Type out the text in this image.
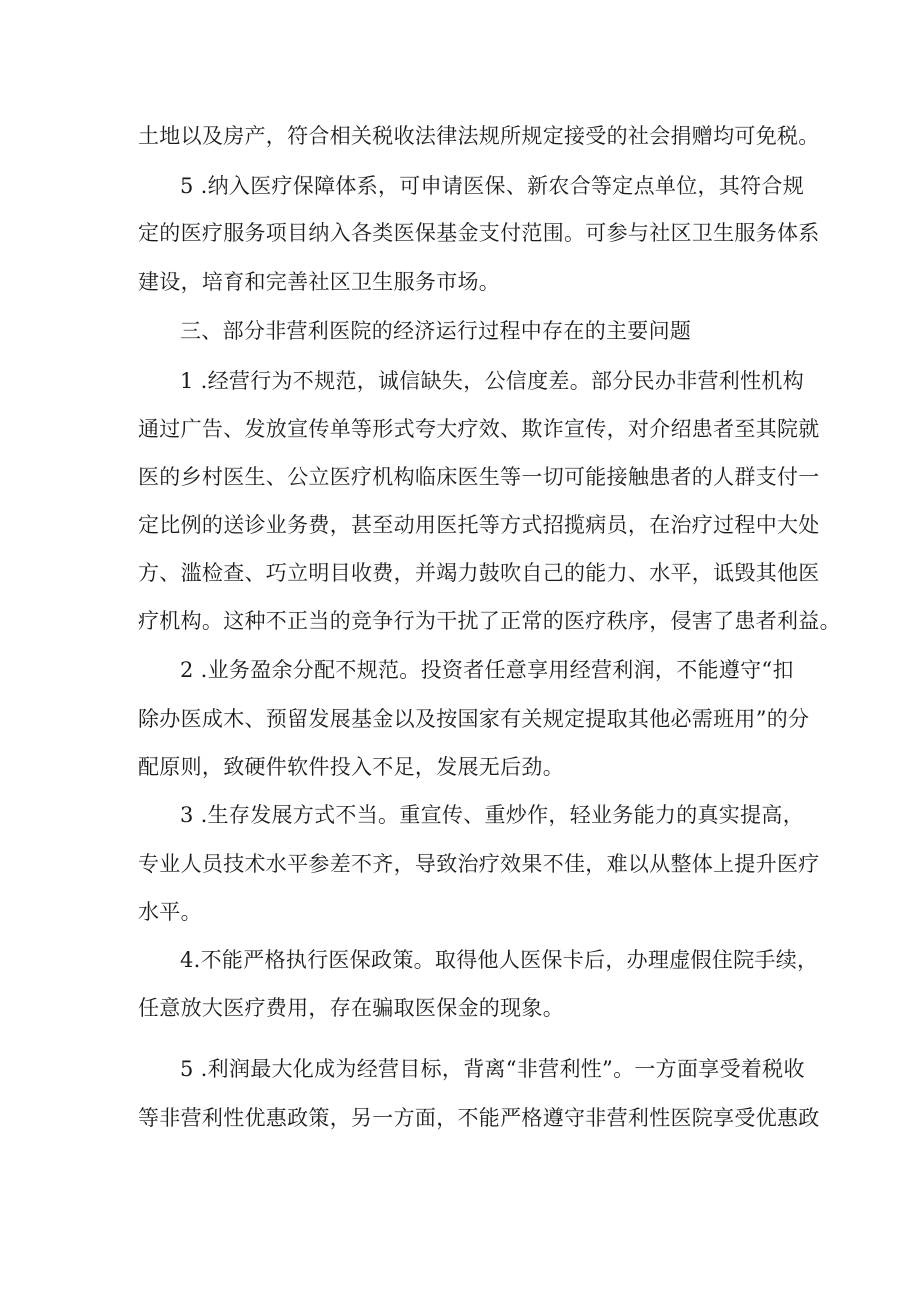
土地以及房产，符合相关税收法律法规所规定接受的社会捐赠均可免税。
5 .纳入医疗保障体系，可申请医保、新农合等定点单位，其符合规
定的医疗服务项目纳入各类医保基金支付范围。可参与社区卫生服务体系
建设，培育和完善社区卫生服务市场。
三、部分非营利医院的经济运行过程中存在的主要问题
1 .经营行为不规范，诚信缺失，公信度差。部分民办非营利性机构
通过广告、发放宣传单等形式夸大疗效、欺诈宣传，对介绍患者至其院就
医的乡村医生、公立医疗机构临床医生等一切可能接触患者的人群支付一
定比例的送诊业务费，甚至动用医托等方式招揽病员，在治疗过程中大处
方、滥检查、巧立明目收费，并竭力鼓吹自己的能力、水平，诋毁其他医
疗机构。这种不正当的竞争行为干扰了正常的医疗秩序，侵害了患者利益。
2 .业务盈余分配不规范。投资者任意享用经营利润，不能遵守“扣
除办医成木、预留发展基金以及按国家有关规定提取其他必需班用”的分
配原则，致硬件软件投入不足，发展无后劲。
3 .生存发展方式不当。重宣传、重炒作，轻业务能力的真实提高，
专业人员技术水平参差不齐，导致治疗效果不佳，难以从整体上提升医疗
水平。
4.不能严格执行医保政策。取得他人医保卡后，办理虚假住院手续，
任意放大医疗费用，存在骗取医保金的现象。
5 .利润最大化成为经营目标，背离“非营利性”。一方面享受着税收
等非营利性优惠政策，另一方面，不能严格遵守非营利性医院享受优惠政
